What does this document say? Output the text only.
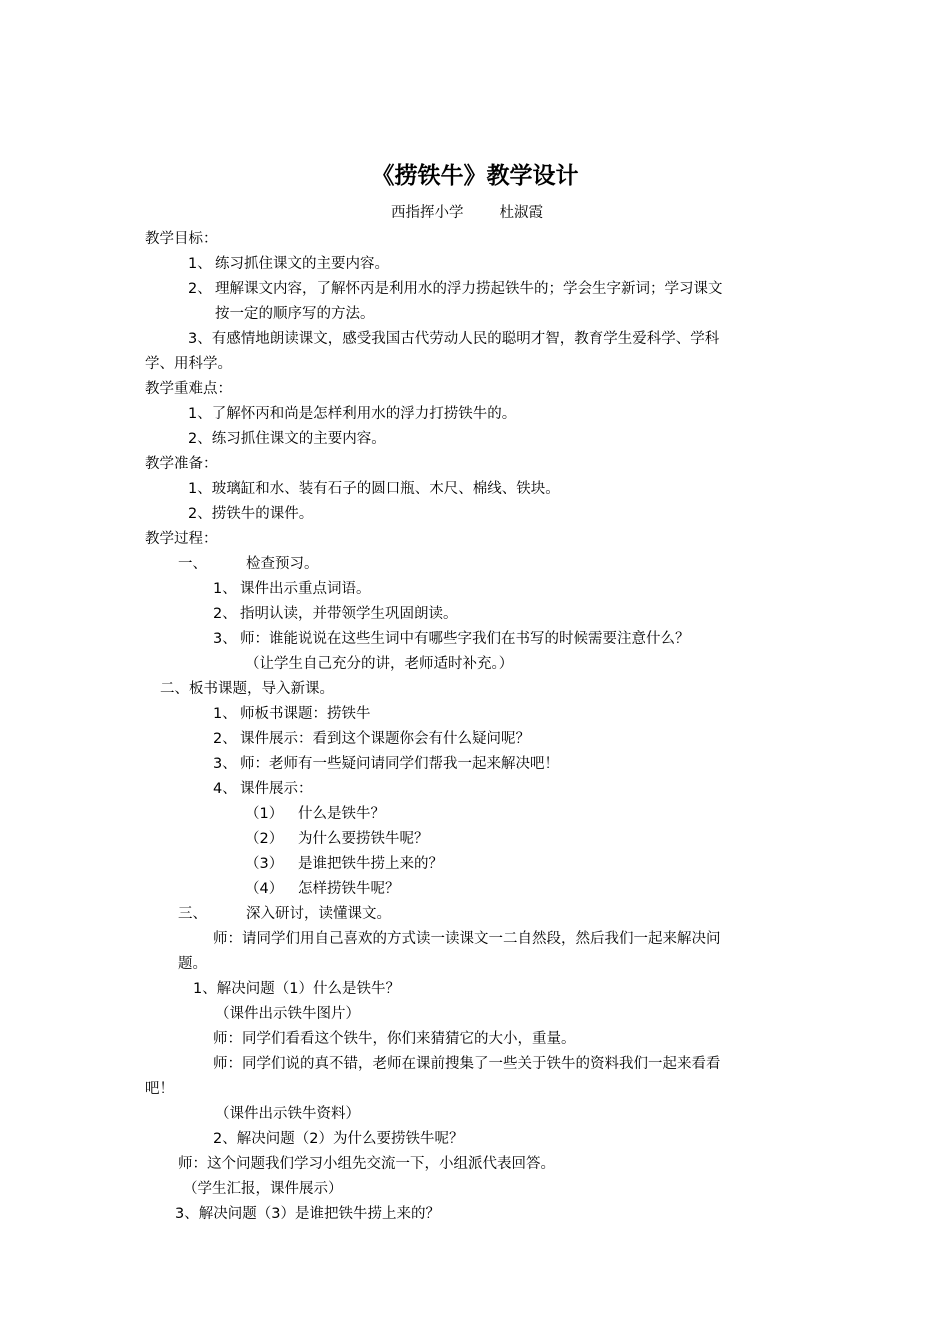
《捞铁牛》教学设计
西指挥小学 杜淑霞
教学目标：
1、 练习抓住课文的主要内容。
2、 理解课文内容，了解怀丙是利用水的浮力捞起铁牛的；学会生字新词；学习课文
按一定的顺序写的方法。
3、有感情地朗读课文，感受我国古代劳动人民的聪明才智，教育学生爱科学、学科
学、用科学。
教学重难点：
1、了解怀丙和尚是怎样利用水的浮力打捞铁牛的。
2、练习抓住课文的主要内容。
教学准备：
1、玻璃缸和水、装有石子的圆口瓶、木尺、棉线、铁块。
2、捞铁牛的课件。
教学过程：
一、	检查预习。
1、 课件出示重点词语。
2、 指明认读，并带领学生巩固朗读。
3、 师：谁能说说在这些生词中有哪些字我们在书写的时候需要注意什么？
（让学生自己充分的讲，老师适时补充。）
二、板书课题，导入新课。
1、 师板书课题：捞铁牛
2、 课件展示：看到这个课题你会有什么疑问呢？
3、 师：老师有一些疑问请同学们帮我一起来解决吧！
4、 课件展示：
（1） 什么是铁牛？
（2） 为什么要捞铁牛呢？
（3） 是谁把铁牛捞上来的？
（4） 怎样捞铁牛呢？
三、	深入研讨，读懂课文。
师：请同学们用自己喜欢的方式读一读课文一二自然段，然后我们一起来解决问
题。
1、解决问题（1）什么是铁牛？
（课件出示铁牛图片）
师：同学们看看这个铁牛，你们来猜猜它的大小，重量。
师：同学们说的真不错，老师在课前搜集了一些关于铁牛的资料我们一起来看看
吧！
（课件出示铁牛资料）
2、解决问题（2）为什么要捞铁牛呢？
师：这个问题我们学习小组先交流一下，小组派代表回答。
（学生汇报，课件展示）
3、解决问题（3）是谁把铁牛捞上来的？
